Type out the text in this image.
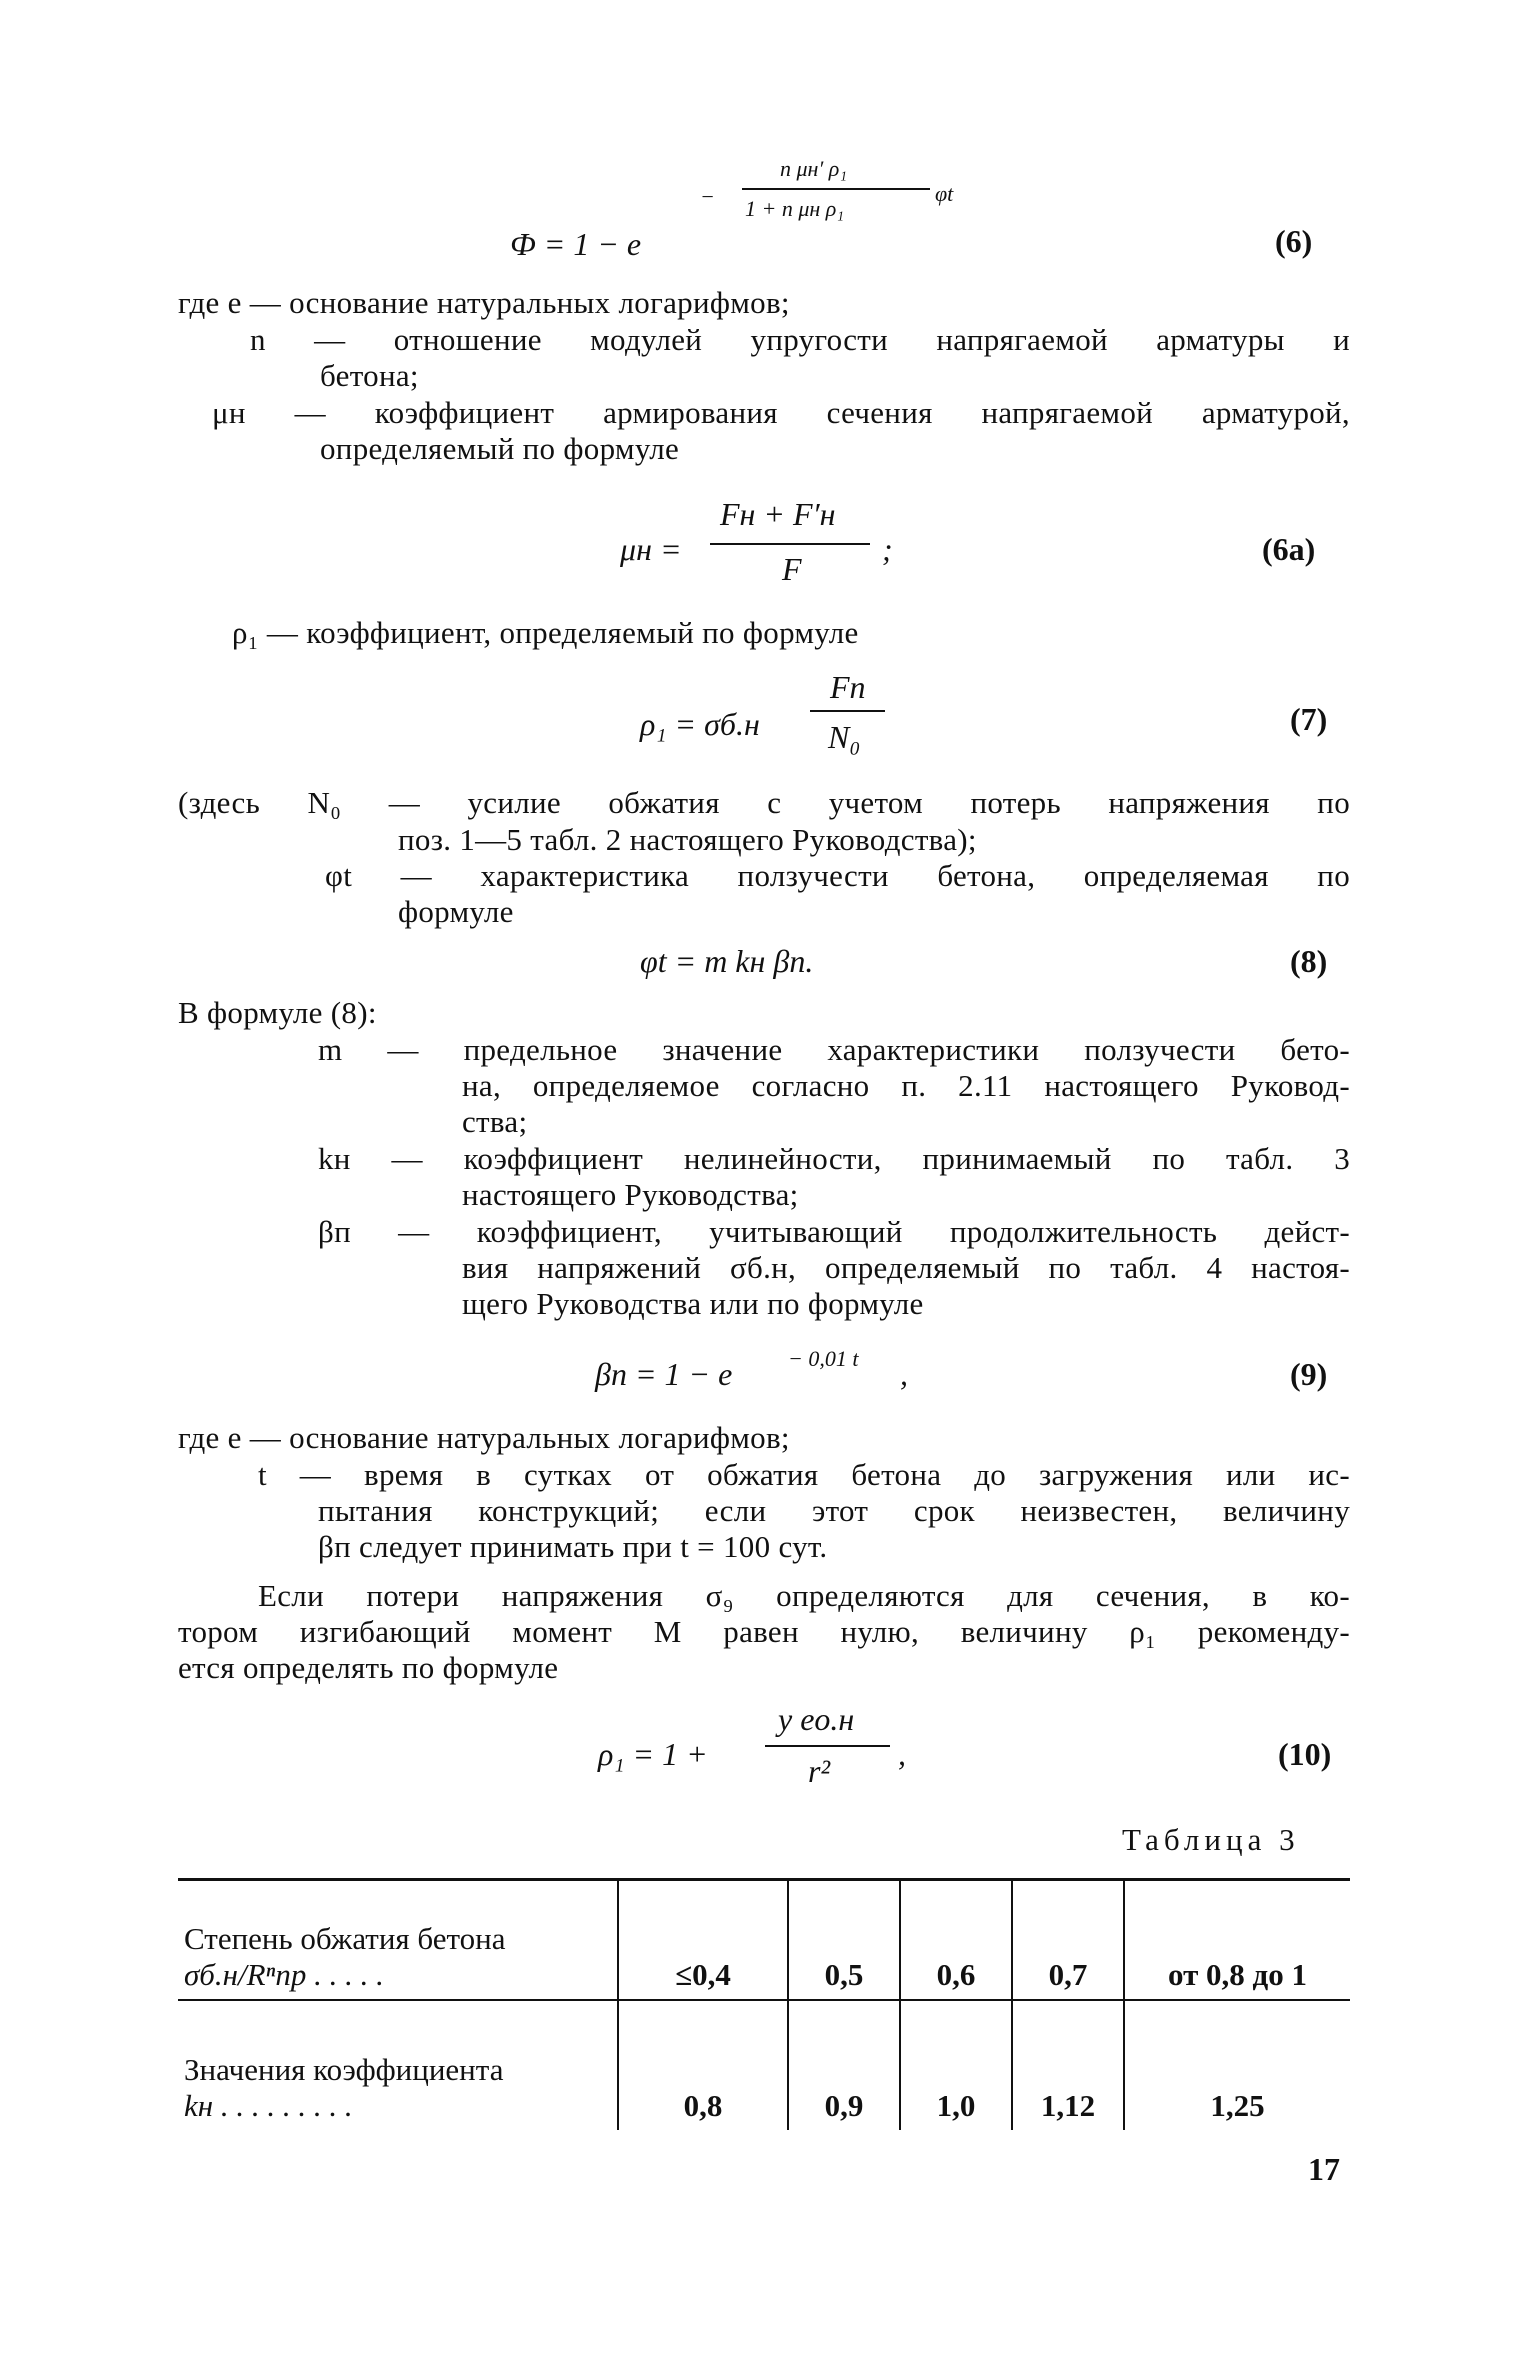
Ф = 1 − e
−
n μн′ ρ₁
1 + n μн ρ₁
φt
(6)
где e — основание натуральных логарифмов;
n — отношение модулей упругости напрягаемой арматуры и
бетона;
μн — коэффициент армирования сечения напрягаемой арматурой,
определяемый по формуле
μн =
Fн + F′н
F
;	(6а)
ρ₁ — коэффициент, определяемый по формуле
ρ₁ = σб.н
Fп
N₀	(7)
(здесь N₀ — усилие обжатия с учетом потерь напряжения по
поз. 1—5 табл. 2 настоящего Руководства);
φt — характеристика ползучести бетона, определяемая по
формуле
φt = m kн βп.	(8)
В формуле (8):
m — предельное значение характеристики ползучести бето-
на, определяемое согласно п. 2.11 настоящего Руковод-
ства;
kн — коэффициент нелинейности, принимаемый по табл. 3
настоящего Руководства;
βп — коэффициент, учитывающий продолжительность дейст-
вия напряжений σб.н, определяемый по табл. 4 настоя-
щего Руководства или по формуле
βп = 1 − e	− 0,01 t ,	(9)
где e — основание натуральных логарифмов;
t — время в сутках от обжатия бетона до загружения или ис-
пытания конструкций; если этот срок неизвестен, величину
βп следует принимать при t = 100 сут.
Если потери напряжения σ₉ определяются для сечения, в ко-
тором изгибающий момент M равен нулю, величину ρ₁ рекоменду-
ется определять по формуле
ρ₁ = 1 +
y eо.н
r² ,	(10)
Таблица 3
Степень обжатия бетона
σб.н/Rⁿпр . . . . .	≤0,4	0,5	0,6	0,7	от 0,8 до 1

Значения коэффициента
kн . . . . . . . . .	0,8	0,9	1,0	1,12	1,25
17
